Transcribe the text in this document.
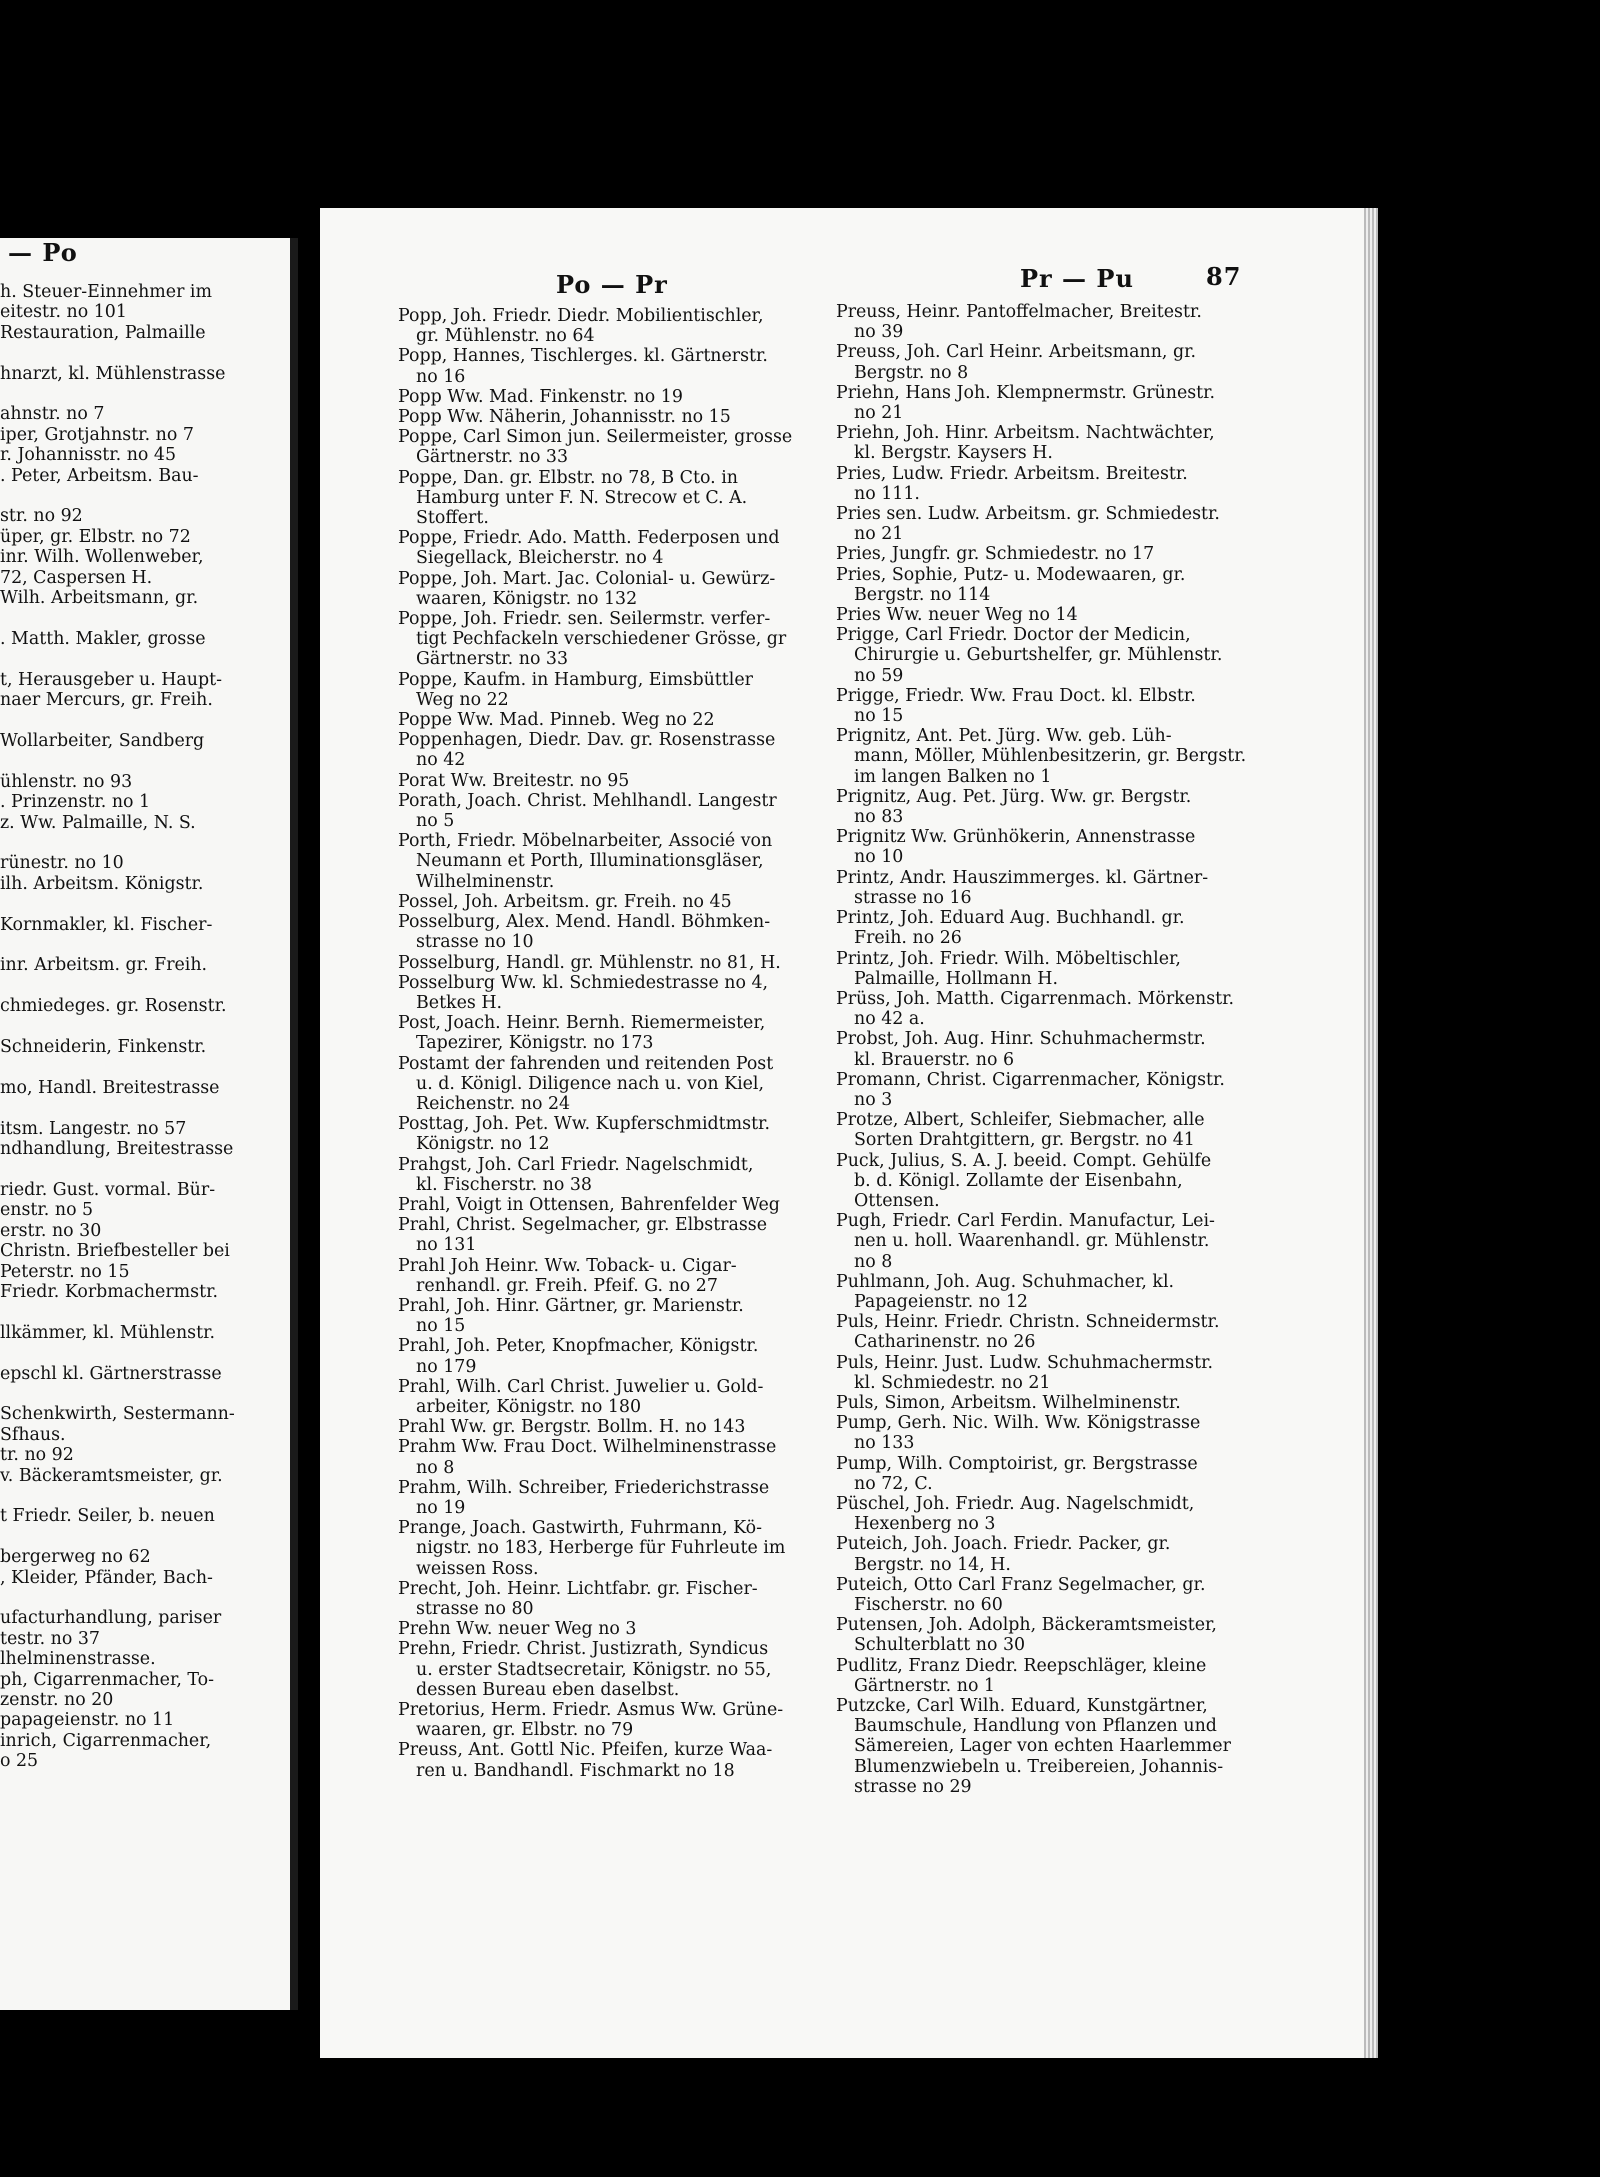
— Po
h. Steuer-Einnehmer im
eitestr. no 101
Restauration, Palmaille

hnarzt, kl. Mühlenstrasse

ahnstr. no 7
iper, Grotjahnstr. no 7
r. Johannisstr. no 45
. Peter, Arbeitsm. Bau-

str. no 92
üper, gr. Elbstr. no 72
inr. Wilh. Wollenweber,
72, Caspersen H.
Wilh. Arbeitsmann, gr.

. Matth. Makler, grosse

t, Herausgeber u. Haupt-
naer Mercurs, gr. Freih.

Wollarbeiter, Sandberg

ühlenstr. no 93
. Prinzenstr. no 1
z. Ww. Palmaille, N. S.

rünestr. no 10
ilh. Arbeitsm. Königstr.

Kornmakler, kl. Fischer-

inr. Arbeitsm. gr. Freih.

chmiedeges. gr. Rosenstr.

Schneiderin, Finkenstr.

mo, Handl. Breitestrasse

itsm. Langestr. no 57
ndhandlung, Breitestrasse

riedr. Gust. vormal. Bür-
enstr. no 5
erstr. no 30
Christn. Briefbesteller bei
Peterstr. no 15
Friedr. Korbmachermstr.

llkämmer, kl. Mühlenstr.

epschl kl. Gärtnerstrasse

Schenkwirth, Sestermann-
Sfhaus.
tr. no 92
v. Bäckeramtsmeister, gr.

t Friedr. Seiler, b. neuen

bergerweg no 62
, Kleider, Pfänder, Bach-

ufacturhandlung, pariser
testr. no 37
lhelminenstrasse.
ph, Cigarrenmacher, To-
zenstr. no 20
papageienstr. no 11
inrich, Cigarrenmacher,
o 25
Po — Pr	Pr — Pu	87
Popp, Joh. Friedr. Diedr. Mobilientischler,
gr. Mühlenstr. no 64
Popp, Hannes, Tischlerges. kl. Gärtnerstr.
no 16
Popp Ww. Mad. Finkenstr. no 19
Popp Ww. Näherin, Johannisstr. no 15
Poppe, Carl Simon jun. Seilermeister, grosse
Gärtnerstr. no 33
Poppe, Dan. gr. Elbstr. no 78, B Cto. in
Hamburg unter F. N. Strecow et C. A.
Stoffert.
Poppe, Friedr. Ado. Matth. Federposen und
Siegellack, Bleicherstr. no 4
Poppe, Joh. Mart. Jac. Colonial- u. Gewürz-
waaren, Königstr. no 132
Poppe, Joh. Friedr. sen. Seilermstr. verfer-
tigt Pechfackeln verschiedener Grösse, gr
Gärtnerstr. no 33
Poppe, Kaufm. in Hamburg, Eimsbüttler
Weg no 22
Poppe Ww. Mad. Pinneb. Weg no 22
Poppenhagen, Diedr. Dav. gr. Rosenstrasse
no 42
Porat Ww. Breitestr. no 95
Porath, Joach. Christ. Mehlhandl. Langestr
no 5
Porth, Friedr. Möbelnarbeiter, Associé von
Neumann et Porth, Illuminationsgläser,
Wilhelminenstr.
Possel, Joh. Arbeitsm. gr. Freih. no 45
Posselburg, Alex. Mend. Handl. Böhmken-
strasse no 10
Posselburg, Handl. gr. Mühlenstr. no 81, H.
Posselburg Ww. kl. Schmiedestrasse no 4,
Betkes H.
Post, Joach. Heinr. Bernh. Riemermeister,
Tapezirer, Königstr. no 173
Postamt der fahrenden und reitenden Post
u. d. Königl. Diligence nach u. von Kiel,
Reichenstr. no 24
Posttag, Joh. Pet. Ww. Kupferschmidtmstr.
Königstr. no 12
Prahgst, Joh. Carl Friedr. Nagelschmidt,
kl. Fischerstr. no 38
Prahl, Voigt in Ottensen, Bahrenfelder Weg
Prahl, Christ. Segelmacher, gr. Elbstrasse
no 131
Prahl Joh Heinr. Ww. Toback- u. Cigar-
renhandl. gr. Freih. Pfeif. G. no 27
Prahl, Joh. Hinr. Gärtner, gr. Marienstr.
no 15
Prahl, Joh. Peter, Knopfmacher, Königstr.
no 179
Prahl, Wilh. Carl Christ. Juwelier u. Gold-
arbeiter, Königstr. no 180
Prahl Ww. gr. Bergstr. Bollm. H. no 143
Prahm Ww. Frau Doct. Wilhelminenstrasse
no 8
Prahm, Wilh. Schreiber, Friederichstrasse
no 19
Prange, Joach. Gastwirth, Fuhrmann, Kö-
nigstr. no 183, Herberge für Fuhrleute im
weissen Ross.
Precht, Joh. Heinr. Lichtfabr. gr. Fischer-
strasse no 80
Prehn Ww. neuer Weg no 3
Prehn, Friedr. Christ. Justizrath, Syndicus
u. erster Stadtsecretair, Königstr. no 55,
dessen Bureau eben daselbst.
Pretorius, Herm. Friedr. Asmus Ww. Grüne-
waaren, gr. Elbstr. no 79
Preuss, Ant. Gottl Nic. Pfeifen, kurze Waa-
ren u. Bandhandl. Fischmarkt no 18
Preuss, Heinr. Pantoffelmacher, Breitestr.
no 39
Preuss, Joh. Carl Heinr. Arbeitsmann, gr.
Bergstr. no 8
Priehn, Hans Joh. Klempnermstr. Grünestr.
no 21
Priehn, Joh. Hinr. Arbeitsm. Nachtwächter,
kl. Bergstr. Kaysers H.
Pries, Ludw. Friedr. Arbeitsm. Breitestr.
no 111.
Pries sen. Ludw. Arbeitsm. gr. Schmiedestr.
no 21
Pries, Jungfr. gr. Schmiedestr. no 17
Pries, Sophie, Putz- u. Modewaaren, gr.
Bergstr. no 114
Pries Ww. neuer Weg no 14
Prigge, Carl Friedr. Doctor der Medicin,
Chirurgie u. Geburtshelfer, gr. Mühlenstr.
no 59
Prigge, Friedr. Ww. Frau Doct. kl. Elbstr.
no 15
Prignitz, Ant. Pet. Jürg. Ww. geb. Lüh-
mann, Möller, Mühlenbesitzerin, gr. Bergstr.
im langen Balken no 1
Prignitz, Aug. Pet. Jürg. Ww. gr. Bergstr.
no 83
Prignitz Ww. Grünhökerin, Annenstrasse
no 10
Printz, Andr. Hauszimmerges. kl. Gärtner-
strasse no 16
Printz, Joh. Eduard Aug. Buchhandl. gr.
Freih. no 26
Printz, Joh. Friedr. Wilh. Möbeltischler,
Palmaille, Hollmann H.
Prüss, Joh. Matth. Cigarrenmach. Mörkenstr.
no 42 a.
Probst, Joh. Aug. Hinr. Schuhmachermstr.
kl. Brauerstr. no 6
Promann, Christ. Cigarrenmacher, Königstr.
no 3
Protze, Albert, Schleifer, Siebmacher, alle
Sorten Drahtgittern, gr. Bergstr. no 41
Puck, Julius, S. A. J. beeid. Compt. Gehülfe
b. d. Königl. Zollamte der Eisenbahn,
Ottensen.
Pugh, Friedr. Carl Ferdin. Manufactur, Lei-
nen u. holl. Waarenhandl. gr. Mühlenstr.
no 8
Puhlmann, Joh. Aug. Schuhmacher, kl.
Papageienstr. no 12
Puls, Heinr. Friedr. Christn. Schneidermstr.
Catharinenstr. no 26
Puls, Heinr. Just. Ludw. Schuhmachermstr.
kl. Schmiedestr. no 21
Puls, Simon, Arbeitsm. Wilhelminenstr.
Pump, Gerh. Nic. Wilh. Ww. Königstrasse
no 133
Pump, Wilh. Comptoirist, gr. Bergstrasse
no 72, C.
Püschel, Joh. Friedr. Aug. Nagelschmidt,
Hexenberg no 3
Puteich, Joh. Joach. Friedr. Packer, gr.
Bergstr. no 14, H.
Puteich, Otto Carl Franz Segelmacher, gr.
Fischerstr. no 60
Putensen, Joh. Adolph, Bäckeramtsmeister,
Schulterblatt no 30
Pudlitz, Franz Diedr. Reepschläger, kleine
Gärtnerstr. no 1
Putzcke, Carl Wilh. Eduard, Kunstgärtner,
Baumschule, Handlung von Pflanzen und
Sämereien, Lager von echten Haarlemmer
Blumenzwiebeln u. Treibereien, Johannis-
strasse no 29
